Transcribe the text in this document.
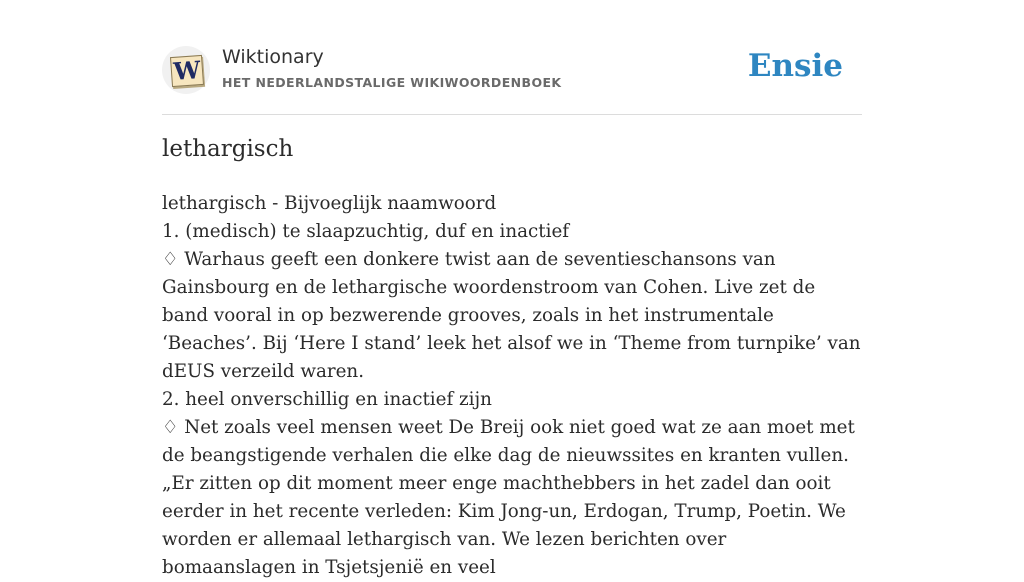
W Wiktionary
HET NEDERLANDSTALIGE WIKIWOORDENBOEK	Ensie
lethargisch

lethargisch - Bijvoeglijk naamwoord

1. (medisch) te slaapzuchtig, duf en inactief

♢ Warhaus geeft een donkere twist aan de seventieschansons van Gainsbourg en de lethargische woordenstroom van Cohen. Live zet de band vooral in op bezwerende grooves, zoals in het instrumentale ‘Beaches’. Bij ‘Here I stand’ leek het alsof we in ‘Theme from turnpike’ van dEUS verzeild waren.

2. heel onverschillig en inactief zijn

♢ Net zoals veel mensen weet De Breij ook niet goed wat ze aan moet met de beangstigende verhalen die elke dag de nieuwssites en kranten vullen. „Er zitten op dit moment meer enge machthebbers in het zadel dan ooit eerder in het recente verleden: Kim Jong-un, Erdogan, Trump, Poetin. We worden er allemaal lethargisch van. We lezen berichten over bomaanslagen in Tsjetsjenië en veel
